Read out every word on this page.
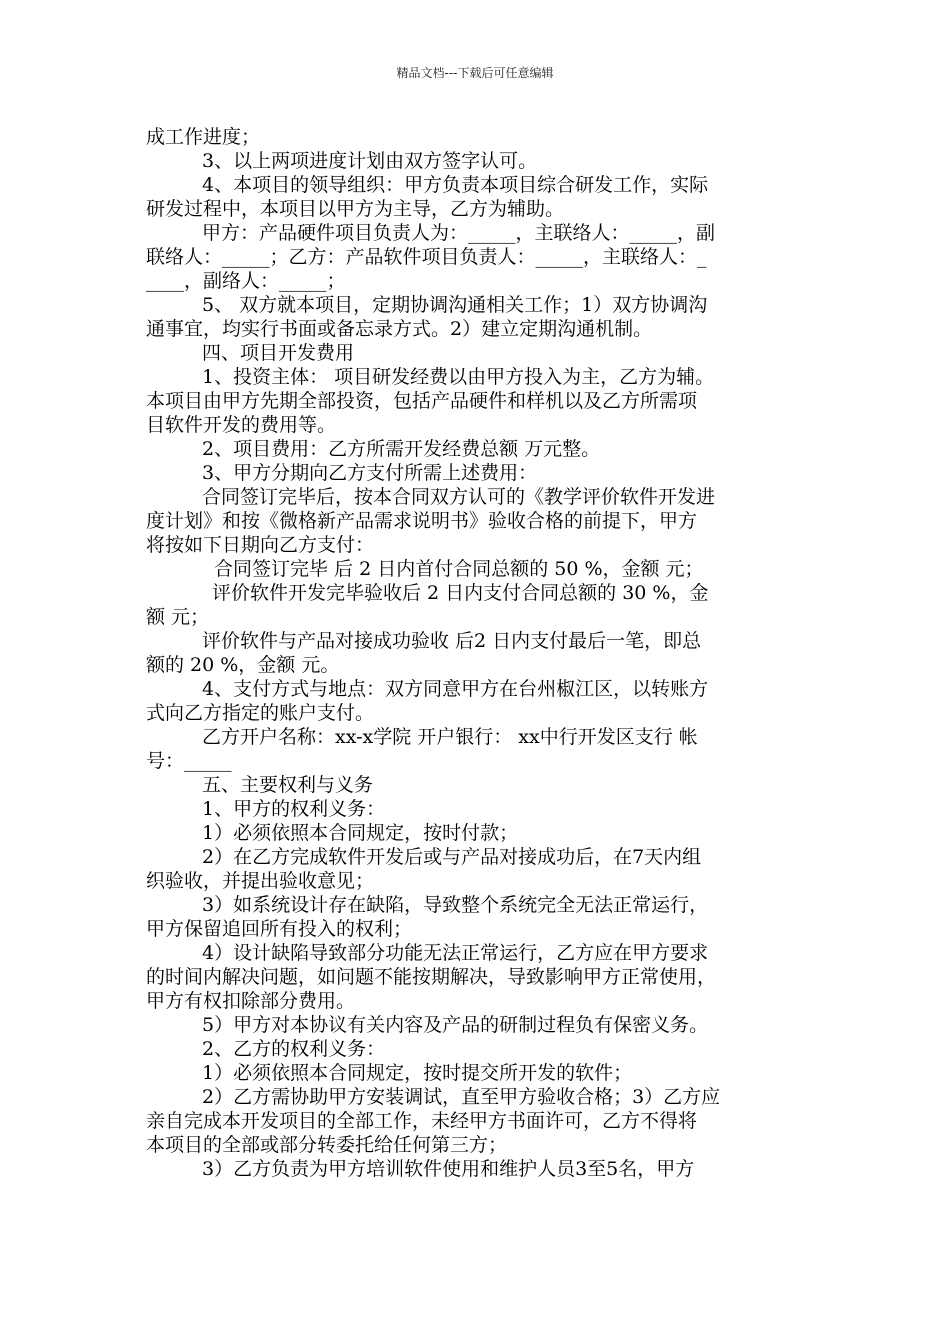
精品文档---下载后可任意编辑
成工作进度；
3、以上两项进度计划由双方签字认可。
4、本项目的领导组织：甲方负责本项目综合研发工作，实际
研发过程中，本项目以甲方为主导，乙方为辅助。
甲方：产品硬件项目负责人为：_____，主联络人：_____，副
联络人：_____；乙方：产品软件项目负责人：_____，主联络人：_
____，副络人：_____；
5、 双方就本项目，定期协调沟通相关工作；1）双方协调沟
通事宜，均实行书面或备忘录方式。2）建立定期沟通机制。
四、项目开发费用
1、投资主体： 项目研发经费以由甲方投入为主，乙方为辅。
本项目由甲方先期全部投资，包括产品硬件和样机以及乙方所需项
目软件开发的费用等。
2、项目费用：乙方所需开发经费总额 万元整。
3、甲方分期向乙方支付所需上述费用：
合同签订完毕后，按本合同双方认可的《教学评价软件开发进
度计划》和按《微格新产品需求说明书》验收合格的前提下，甲方
将按如下日期向乙方支付：
合同签订完毕 后 2 日内首付合同总额的 50 %，金额 元；
评价软件开发完毕验收后 2 日内支付合同总额的 30 %，金
额 元；
评价软件与产品对接成功验收 后2 日内支付最后一笔，即总
额的 20 %，金额 元。
4、支付方式与地点：双方同意甲方在台州椒江区，以转账方
式向乙方指定的账户支付。
乙方开户名称：xx-x学院 开户银行： xx中行开发区支行 帐
号：_____
五、主要权利与义务
1、甲方的权利义务：
1）必须依照本合同规定，按时付款；
2）在乙方完成软件开发后或与产品对接成功后，在7天内组
织验收，并提出验收意见；
3）如系统设计存在缺陷，导致整个系统完全无法正常运行，
甲方保留追回所有投入的权利；
4）设计缺陷导致部分功能无法正常运行，乙方应在甲方要求
的时间内解决问题，如问题不能按期解决，导致影响甲方正常使用，
甲方有权扣除部分费用。
5）甲方对本协议有关内容及产品的研制过程负有保密义务。
2、乙方的权利义务：
1）必须依照本合同规定，按时提交所开发的软件；
2）乙方需协助甲方安装调试，直至甲方验收合格；3）乙方应
亲自完成本开发项目的全部工作，未经甲方书面许可，乙方不得将
本项目的全部或部分转委托给任何第三方；
3）乙方负责为甲方培训软件使用和维护人员3至5名，甲方
